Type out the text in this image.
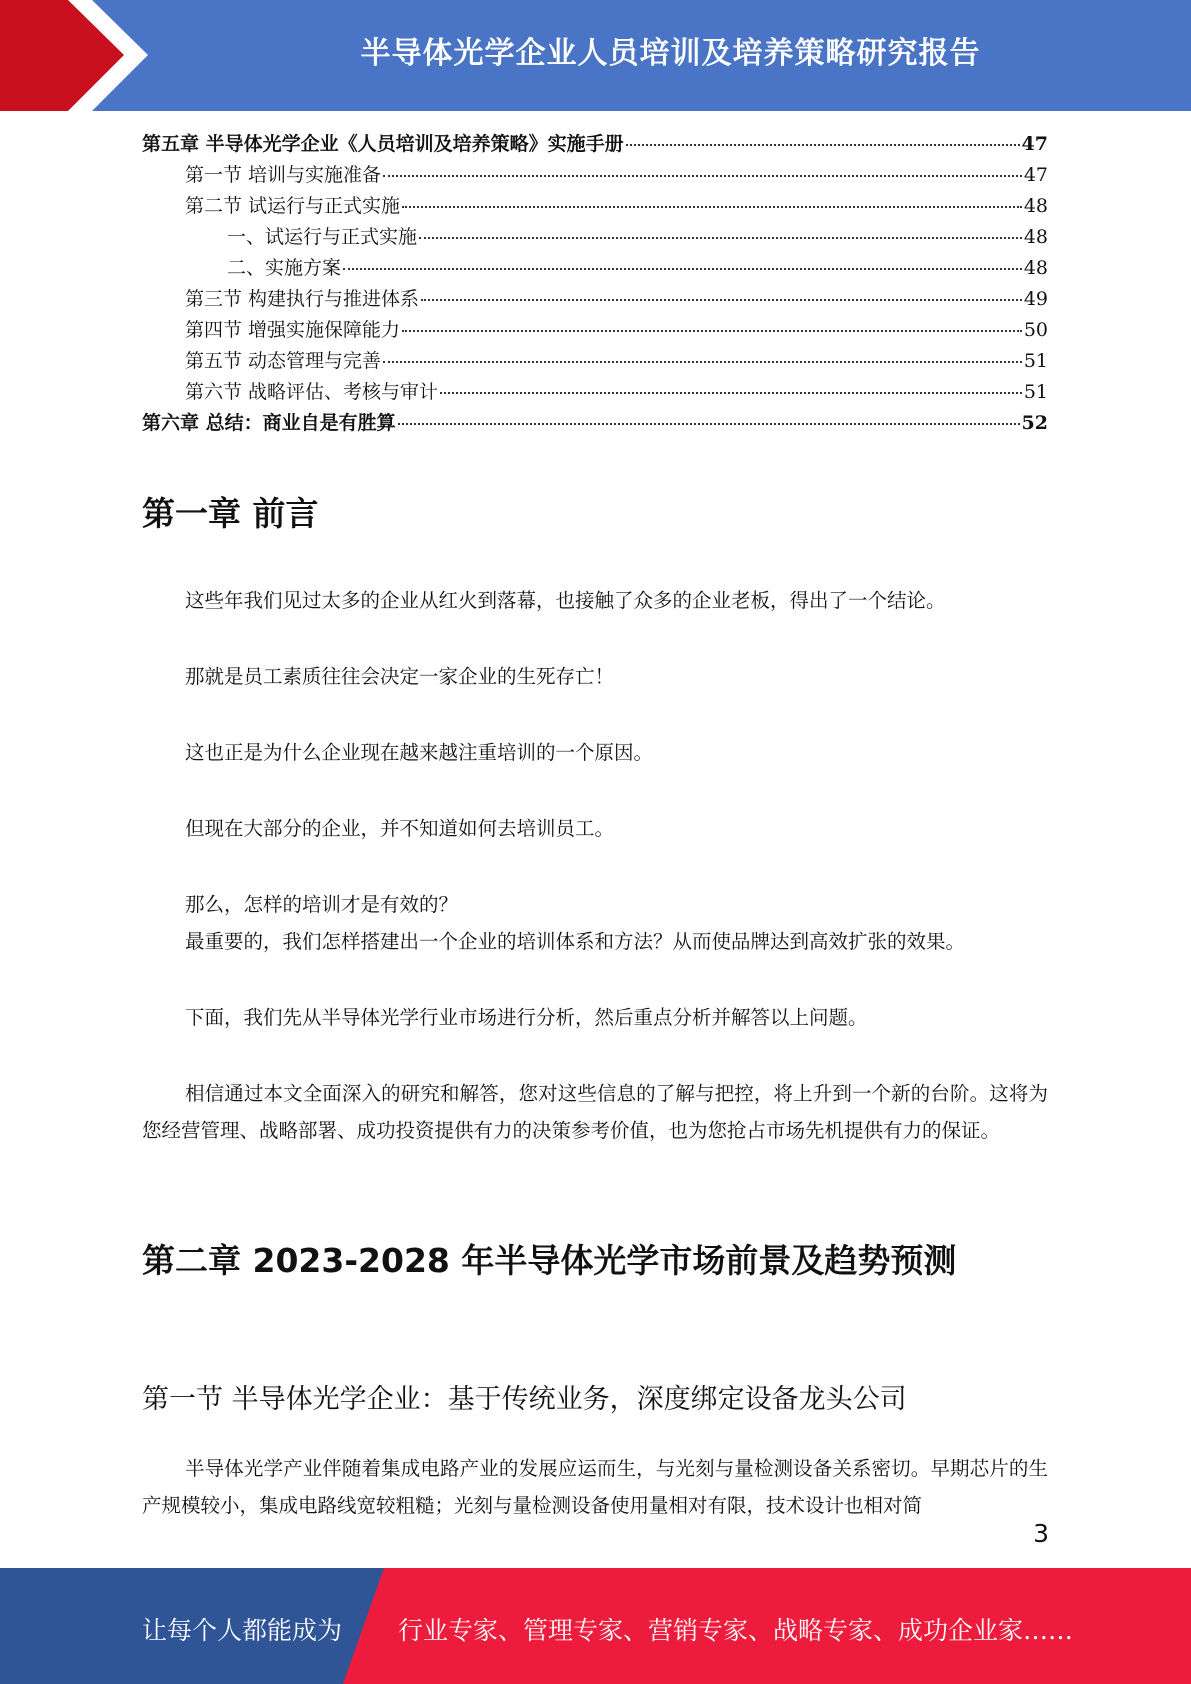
半导体光学企业人员培训及培养策略研究报告
第五章 半导体光学企业《人员培训及培养策略》实施手册	47
第一节 培训与实施准备	47
第二节 试运行与正式实施	48
一、试运行与正式实施	48
二、实施方案	48
第三节 构建执行与推进体系	49
第四节 增强实施保障能力	50
第五节 动态管理与完善	51
第六节 战略评估、考核与审计	51
第六章 总结：商业自是有胜算	52
第一章 前言

这些年我们见过太多的企业从红火到落幕，也接触了众多的企业老板，得出了一个结论。

那就是员工素质往往会决定一家企业的生死存亡！

这也正是为什么企业现在越来越注重培训的一个原因。

但现在大部分的企业，并不知道如何去培训员工。

那么，怎样的培训才是有效的？

最重要的，我们怎样搭建出一个企业的培训体系和方法？从而使品牌达到高效扩张的效果。

下面，我们先从半导体光学行业市场进行分析，然后重点分析并解答以上问题。

相信通过本文全面深入的研究和解答，您对这些信息的了解与把控，将上升到一个新的台阶。这将为您经营管理、战略部署、成功投资提供有力的决策参考价值，也为您抢占市场先机提供有力的保证。

第二章 2023-2028 年半导体光学市场前景及趋势预测
第一节 半导体光学企业：基于传统业务，深度绑定设备龙头公司

半导体光学产业伴随着集成电路产业的发展应运而生，与光刻与量检测设备关系密切。早期芯片的生产规模较小，集成电路线宽较粗糙；光刻与量检测设备使用量相对有限，技术设计也相对简

3
让每个人都能成为 行业专家、管理专家、营销专家、战略专家、成功企业家……
